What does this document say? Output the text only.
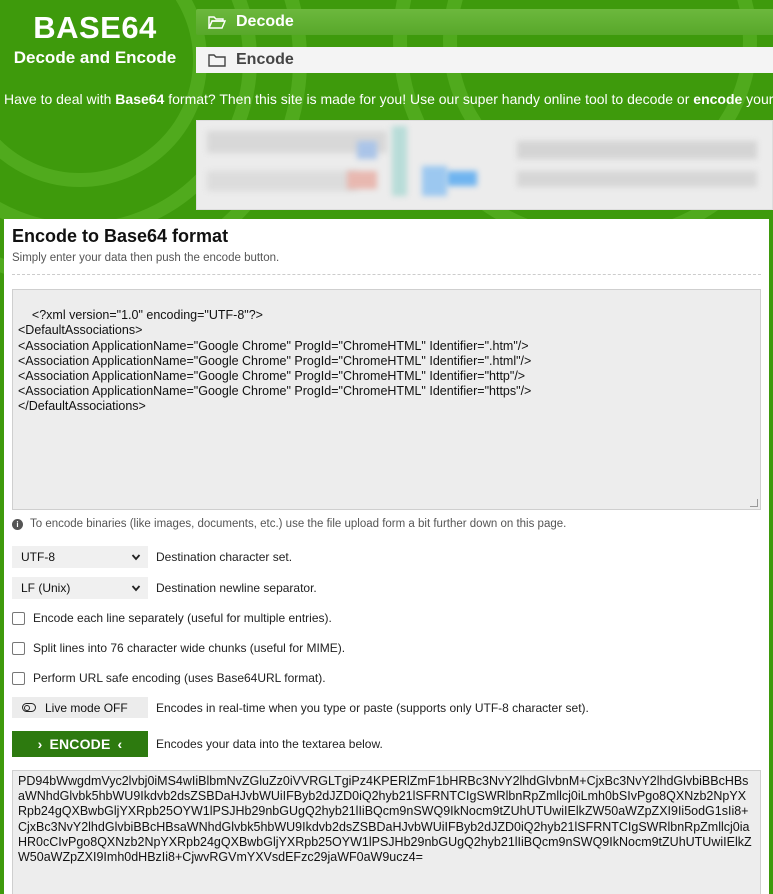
BASE64
Decode and Encode
Decode
Encode
Have to deal with Base64 format? Then this site is made for you! Use our super handy online tool to decode or encode your
Encode to Base64 format
Simply enter your data then push the encode button.

<?xml version="1.0" encoding="UTF-8"?>
<DefaultAssociations>
<Association ApplicationName="Google Chrome" ProgId="ChromeHTML" Identifier=".htm"/>
<Association ApplicationName="Google Chrome" ProgId="ChromeHTML" Identifier=".html"/>
<Association ApplicationName="Google Chrome" ProgId="ChromeHTML" Identifier="http"/>
<Association ApplicationName="Google Chrome" ProgId="ChromeHTML" Identifier="https"/>
</DefaultAssociations>

i To encode binaries (like images, documents, etc.) use the file upload form a bit further down on this page.
UTF-8	Destination character set.
LF (Unix)	Destination newline separator.
Encode each line separately (useful for multiple entries).
Split lines into 76 character wide chunks (useful for MIME).
Perform URL safe encoding (uses Base64URL format).
Live mode OFF Encodes in real-time when you type or paste (supports only UTF-8 character set).
› ENCODE ‹	Encodes your data into the textarea below.
PD94bWwgdmVyc2lvbj0iMS4wIiBlbmNvZGluZz0iVVRGLTgiPz4KPERlZmF1bHRBc3NvY2lhdGlvbnM+CjxBc3NvY2lhdGlvbiBBcHBsaWNhdGlvbk5hbWU9Ikdvb2dsZSBDaHJvbWUiIFByb2dJZD0iQ2hyb21lSFRNTCIgSWRlbnRpZmllcj0iLmh0bSIvPgo8QXNzb2NpYXRpb24gQXBwbGljYXRpb25OYW1lPSJHb29nbGUgQ2hyb21lIiBQcm9nSWQ9IkNocm9tZUhUTUwiIElkZW50aWZpZXI9Ii5odG1sIi8+CjxBc3NvY2lhdGlvbiBBcHBsaWNhdGlvbk5hbWU9Ikdvb2dsZSBDaHJvbWUiIFByb2dJZD0iQ2hyb21lSFRNTCIgSWRlbnRpZmllcj0iaHR0cCIvPgo8QXNzb2NpYXRpb24gQXBwbGljYXRpb25OYW1lPSJHb29nbGUgQ2hyb21lIiBQcm9nSWQ9IkNocm9tZUhUTUwiIElkZW50aWZpZXI9Imh0dHBzIi8+CjwvRGVmYXVsdEFzc29jaWF0aW9ucz4=
